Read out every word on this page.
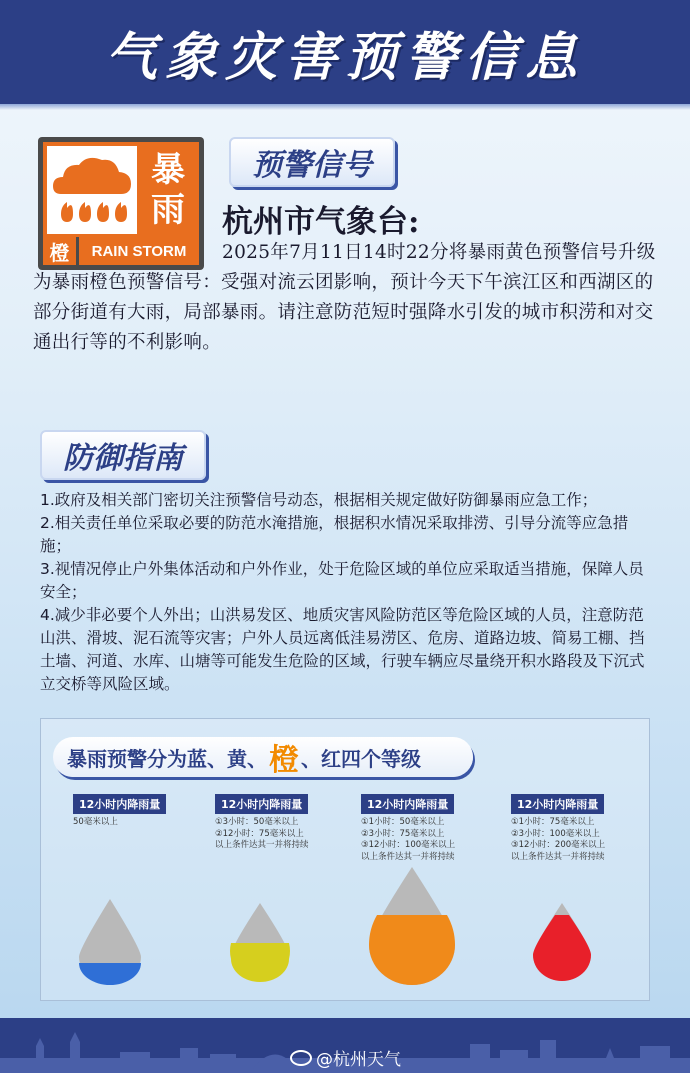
气象灾害预警信息
暴
雨
橙	RAIN STORM
预警信号
杭州市气象台:

2025年7月11日14时22分将暴雨黄色预警信号升级为暴雨橙色预警信号：受强对流云团影响，预计今天下午滨江区和西湖区的部分街道有大雨，局部暴雨。请注意防范短时强降水引发的城市积涝和对交通出行等的不利影响。

防御指南

1.政府及相关部门密切关注预警信号动态，根据相关规定做好防御暴雨应急工作；

2.相关责任单位采取必要的防范水淹措施，根据积水情况采取排涝、引导分流等应急措施；

3.视情况停止户外集体活动和户外作业，处于危险区域的单位应采取适当措施，保障人员安全；

4.减少非必要个人外出；山洪易发区、地质灾害风险防范区等危险区域的人员，注意防范山洪、滑坡、泥石流等灾害；户外人员远离低洼易涝区、危房、道路边坡、简易工棚、挡土墙、河道、水库、山塘等可能发生危险的区域，行驶车辆应尽量绕开积水路段及下沉式立交桥等风险区域。

暴雨预警分为蓝、黄、 橙 、红四个等级
12小时内降雨量
50毫米以上
12小时内降雨量
①3小时：50毫米以上
②12小时：75毫米以上
以上条件达其一并将持续
12小时内降雨量
①1小时：50毫米以上
②3小时：75毫米以上
③12小时：100毫米以上
以上条件达其一并将持续
12小时内降雨量
①1小时：75毫米以上
②3小时：100毫米以上
③12小时：200毫米以上
以上条件达其一并将持续
@杭州天气
